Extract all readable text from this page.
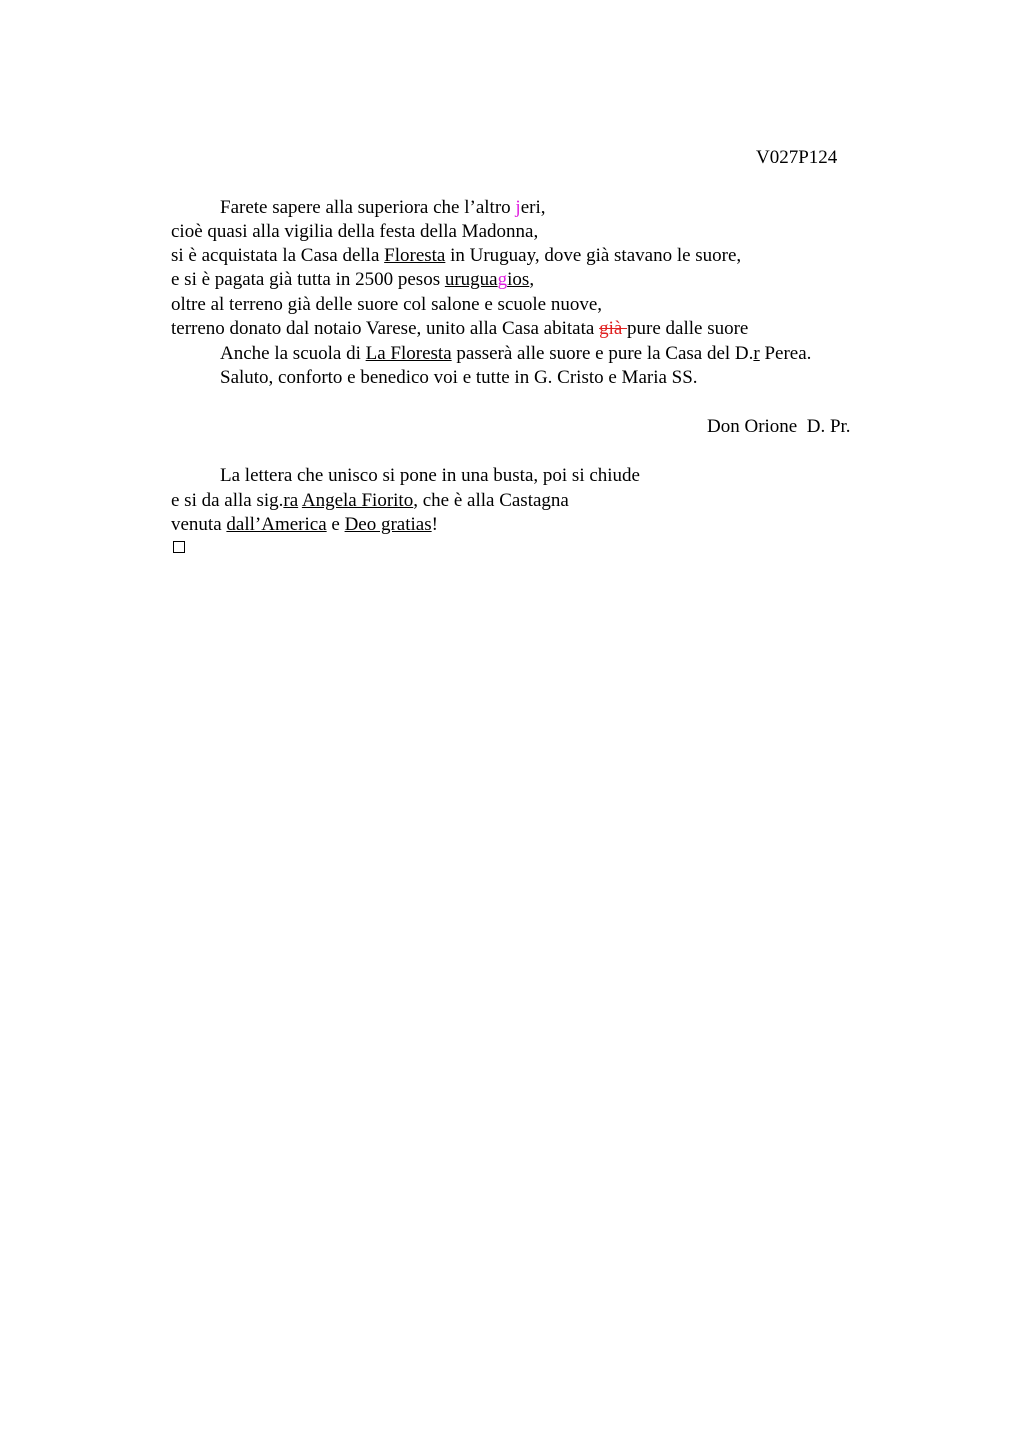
V027P124
Farete sapere alla superiora che l’altro jeri,
cioè quasi alla vigilia della festa della Madonna,
si è acquistata la Casa della Floresta in Uruguay, dove già stavano le suore,
e si è pagata già tutta in 2500 pesos uruguagios,
oltre al terreno già delle suore col salone e scuole nuove,
terreno donato dal notaio Varese, unito alla Casa abitata già pure dalle suore
Anche la scuola di La Floresta passerà alle suore e pure la Casa del D.r Perea.
Saluto, conforto e benedico voi e tutte in G. Cristo e Maria SS.
Don Orione  D. Pr.
La lettera che unisco si pone in una busta, poi si chiude
e si da alla sig.ra Angela Fiorito, che è alla Castagna
venuta dall’America e Deo gratias!
